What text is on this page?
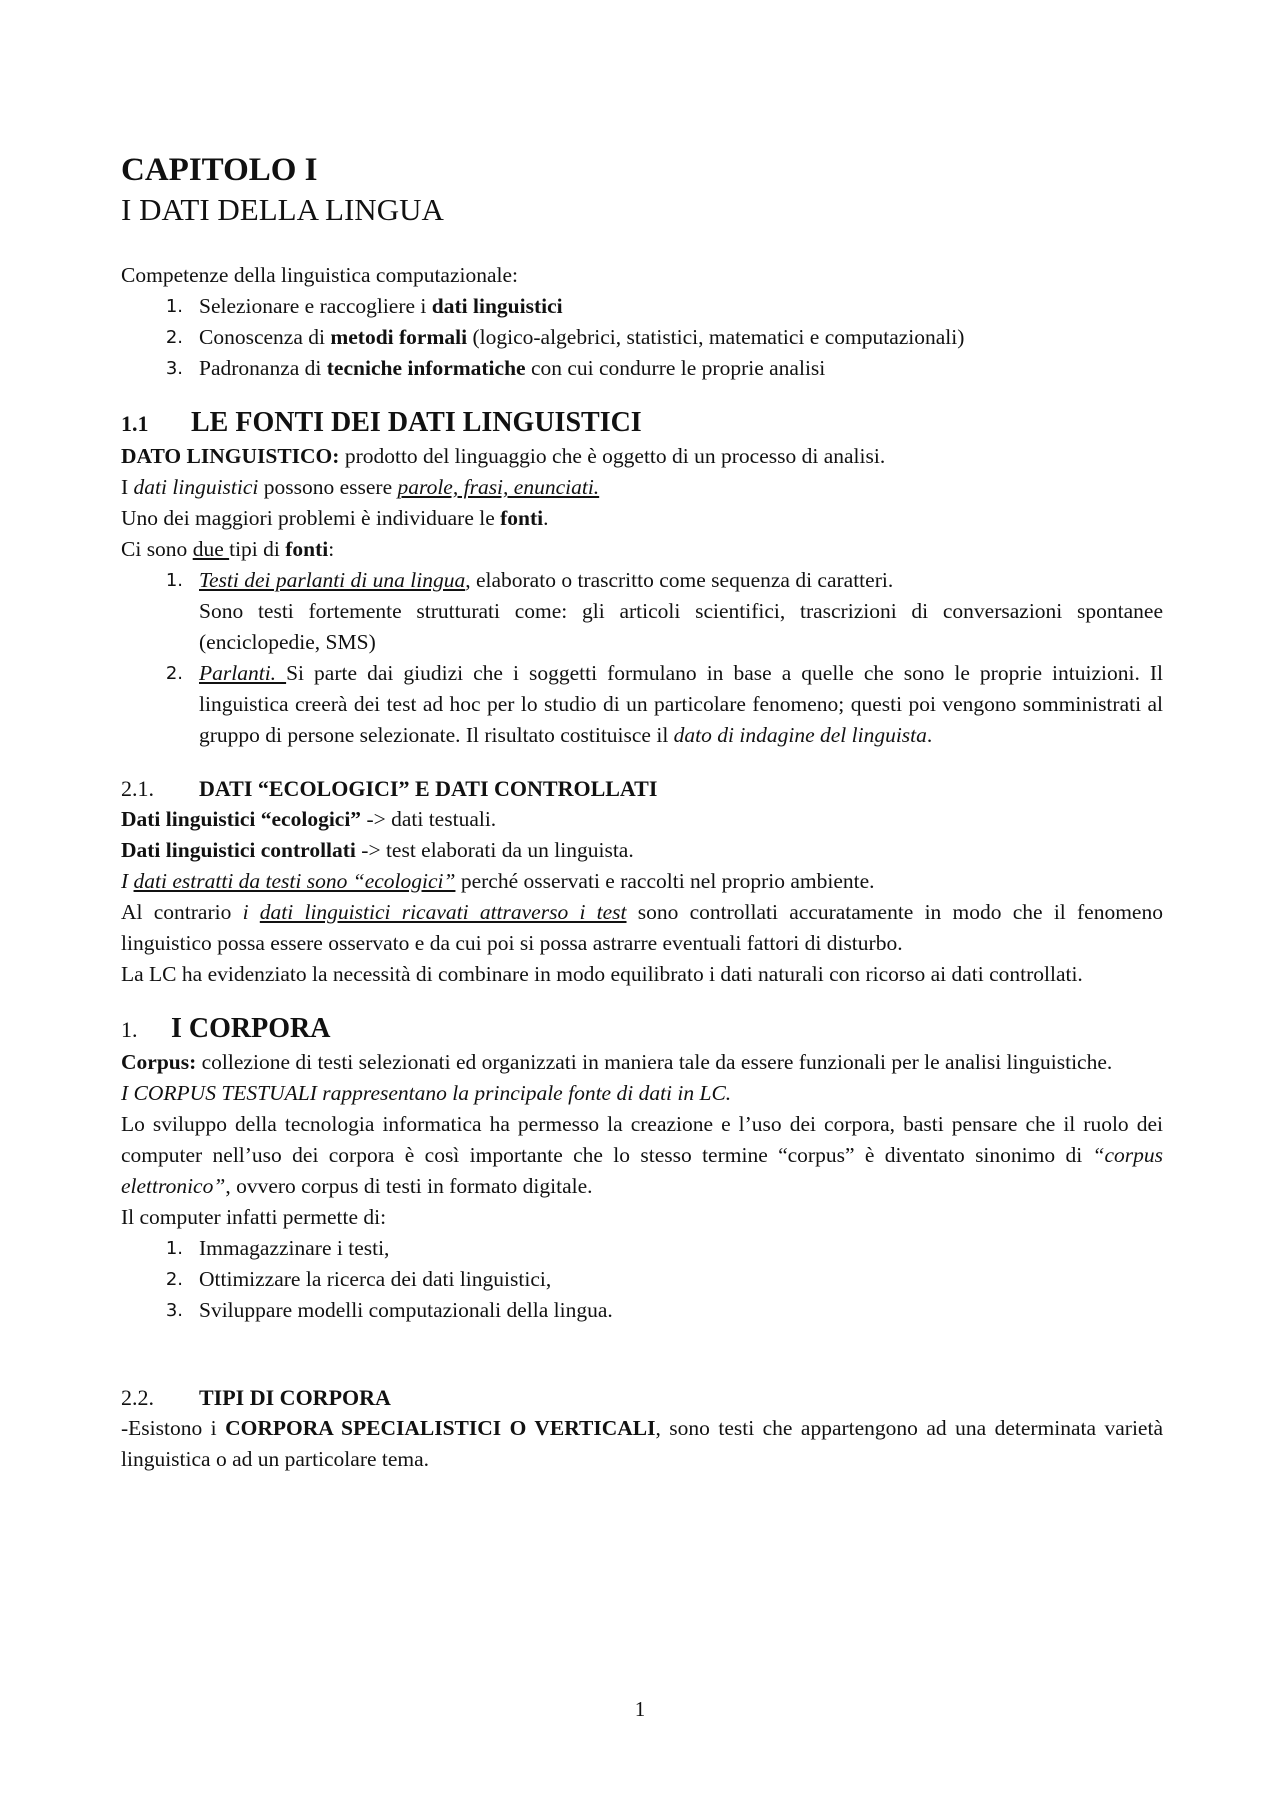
CAPITOLO I
I DATI DELLA LINGUA

Competenze della linguistica computazionale:

1. Selezionare e raccogliere i dati linguistici
2. Conoscenza di metodi formali (logico-algebrici, statistici, matematici e computazionali)
3. Padronanza di tecniche informatiche con cui condurre le proprie analisi
1.1 LE FONTI DEI DATI LINGUISTICI

DATO LINGUISTICO: prodotto del linguaggio che è oggetto di un processo di analisi.

I dati linguistici possono essere parole, frasi, enunciati.

Uno dei maggiori problemi è individuare le fonti.

Ci sono due tipi di fonti:

1. Testi dei parlanti di una lingua, elaborato o trascritto come sequenza di caratteri.
Sono testi fortemente strutturati come: gli articoli scientifici, trascrizioni di conversazioni spontanee (enciclopedie, SMS)
2. Parlanti. Si parte dai giudizi che i soggetti formulano in base a quelle che sono le proprie intuizioni. Il linguistica creerà dei test ad hoc per lo studio di un particolare fenomeno; questi poi vengono somministrati al gruppo di persone selezionate. Il risultato costituisce il dato di indagine del linguista.
2.1. DATI “ECOLOGICI” E DATI CONTROLLATI

Dati linguistici “ecologici” -> dati testuali.

Dati linguistici controllati -> test elaborati da un linguista.

I dati estratti da testi sono “ecologici” perché osservati e raccolti nel proprio ambiente.

Al contrario i dati linguistici ricavati attraverso i test sono controllati accuratamente in modo che il fenomeno linguistico possa essere osservato e da cui poi si possa astrarre eventuali fattori di disturbo.

La LC ha evidenziato la necessità di combinare in modo equilibrato i dati naturali con ricorso ai dati controllati.

1. I CORPORA

Corpus: collezione di testi selezionati ed organizzati in maniera tale da essere funzionali per le analisi linguistiche.

I CORPUS TESTUALI rappresentano la principale fonte di dati in LC.

Lo sviluppo della tecnologia informatica ha permesso la creazione e l’uso dei corpora, basti pensare che il ruolo dei computer nell’uso dei corpora è così importante che lo stesso termine “corpus” è diventato sinonimo di “corpus elettronico”, ovvero corpus di testi in formato digitale.

Il computer infatti permette di:

1. Immagazzinare i testi,
2. Ottimizzare la ricerca dei dati linguistici,
3. Sviluppare modelli computazionali della lingua.
2.2. TIPI DI CORPORA

-Esistono i CORPORA SPECIALISTICI O VERTICALI, sono testi che appartengono ad una determinata varietà linguistica o ad un particolare tema.

1
